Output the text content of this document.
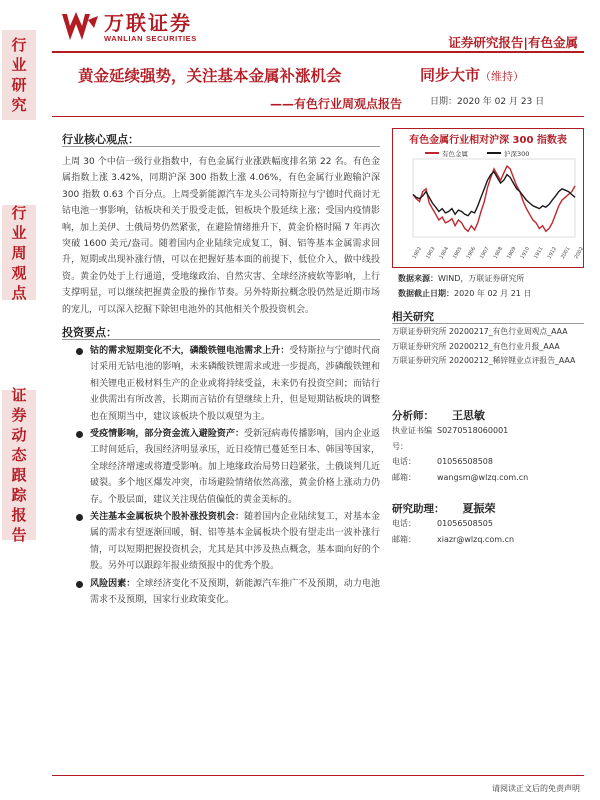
行
业
研
究
行
业
周
观
点
证
券
动
态
跟
踪
报
告
万联证券
WANLIAN SECURITIES	证券研究报告|有色金属
黄金延续强势，关注基本金属补涨机会
——有色行业周观点报告
同步大市（维持）
日期：2020 年 02 月 23 日
行业核心观点：
上周 30 个中信一级行业指数中，有色金属行业涨跌幅度排名第 22 名。有色金属指数上涨 3.42%，同期沪深 300 指数上涨 4.06%，有色金属行业跑输沪深 300 指数 0.63 个百分点。上周受新能源汽车龙头公司特斯拉与宁德时代商讨无钴电池一事影响，钴板块和关于股受走低，钽板块个股延续上涨；受国内疫情影响，加上美伊、土俄局势仍然紧张，在避险情绪推升下，黄金价格时隔 7 年再次突破 1600 美元/盎司。随着国内企业陆续完成复工，铜、铝等基本金属需求回升，短期或出现补涨行情，可以在把握好基本面的前提下，低位介入，做中线投资。黄金仍处于上行通道，受地缘政治、自然灾害、全球经济疲软等影响，上行支撑明显，可以继续把握黄金股的操作节奏。另外特斯拉概念股仍然是近期市场的宠儿，可以深入挖掘下除钽电池外的其他相关个股投资机会。
投资要点：
钴的需求短期变化不大，磷酸铁锂电池需求上升：受特斯拉与宁德时代商讨采用无钴电池的影响，未来磷酸铁锂需求或进一步提高，涉磷酸铁锂和相关锂电正极材料生产的企业或将持续受益，未来仍有投资空间；而钴行业供需出有所改善，长期而言钴价有望继续上升，但是短期钴板块的调整也在预期当中，建议该板块个股以观望为主。
受疫情影响，部分资金流入避险资产：受新冠病毒传播影响，国内企业返工时间延后，我国经济明显承压，近日疫情已蔓延至日本、韩国等国家，全球经济增速或将遭受影响。加上地缘政治局势日趋紧张，土俄谈判几近破裂。多个地区爆发冲突，市场避险情绪依然高涨，黄金价格上涨动力仍存。个股层面，建议关注现估值偏低的黄金美标的。
关注基本金属板块个股补涨投资机会：随着国内企业陆续复工，对基本金属的需求有望逐渐回暖，铜、铝等基本金属板块个股有望走出一波补涨行情，可以短期把握投资机会，尤其是其中涉及热点概念，基本面向好的个股。另外可以跟踪年报业绩预报中的优秀个股。
风险因素：全球经济变化不及预期，新能源汽车推广不及预期，动力电池需求不及预期，国家行业政策变化。
有色金属行业相对沪深 300 指数表
有色金属	沪深300
1902 1903 1904 1905 1906 1907 1908 1909 1910 1911 1912 2001 2002
数据来源：WIND，万联证券研究所
数据截止日期：2020 年 02 月 21 日
相关研究
万联证券研究所 20200217_有色行业周观点_AAA
万联证券研究所 20200212_有色行业月报_AAA
万联证券研究所 20200212_稀锌锂业点评报告_AAA
分析师： 王思敏
执业证书编号：
S0270518060001
电话：	01056508508
邮箱：	wangsm@wlzq.com.cn
研究助理： 夏振荣
电话：	01056508505
邮箱：	xiazr@wlzq.com.cn
请阅读正文后的免责声明
